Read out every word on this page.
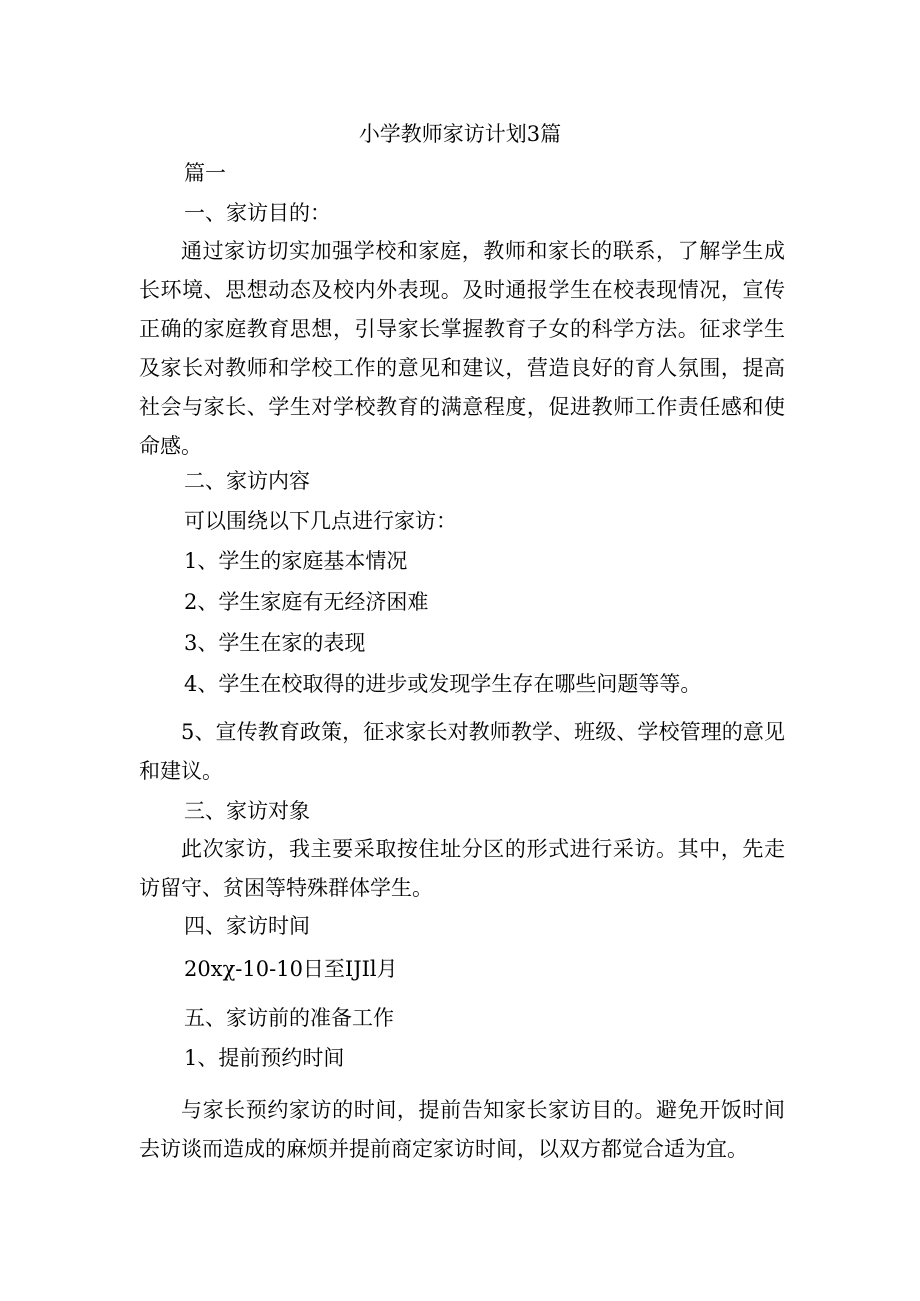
小学教师家访计划3篇
篇一
一、家访目的：

通过家访切实加强学校和家庭，教师和家长的联系，了解学生成长环境、思想动态及校内外表现。及时通报学生在校表现情况，宣传正确的家庭教育思想，引导家长掌握教育子女的科学方法。征求学生及家长对教师和学校工作的意见和建议，营造良好的育人氛围，提高社会与家长、学生对学校教育的满意程度，促进教师工作责任感和使命感。

二、家访内容
可以围绕以下几点进行家访：
1、学生的家庭基本情况
2、学生家庭有无经济困难
3、学生在家的表现
4、学生在校取得的进步或发现学生存在哪些问题等等。

5、宣传教育政策，征求家长对教师教学、班级、学校管理的意见和建议。

三、家访对象

此次家访，我主要采取按住址分区的形式进行采访。其中，先走访留守、贫困等特殊群体学生。

四、家访时间
20xχ-10-10日至IJIl月
五、家访前的准备工作
1、提前预约时间

与家长预约家访的时间，提前告知家长家访目的。避免开饭时间去访谈而造成的麻烦并提前商定家访时间，以双方都觉合适为宜。
